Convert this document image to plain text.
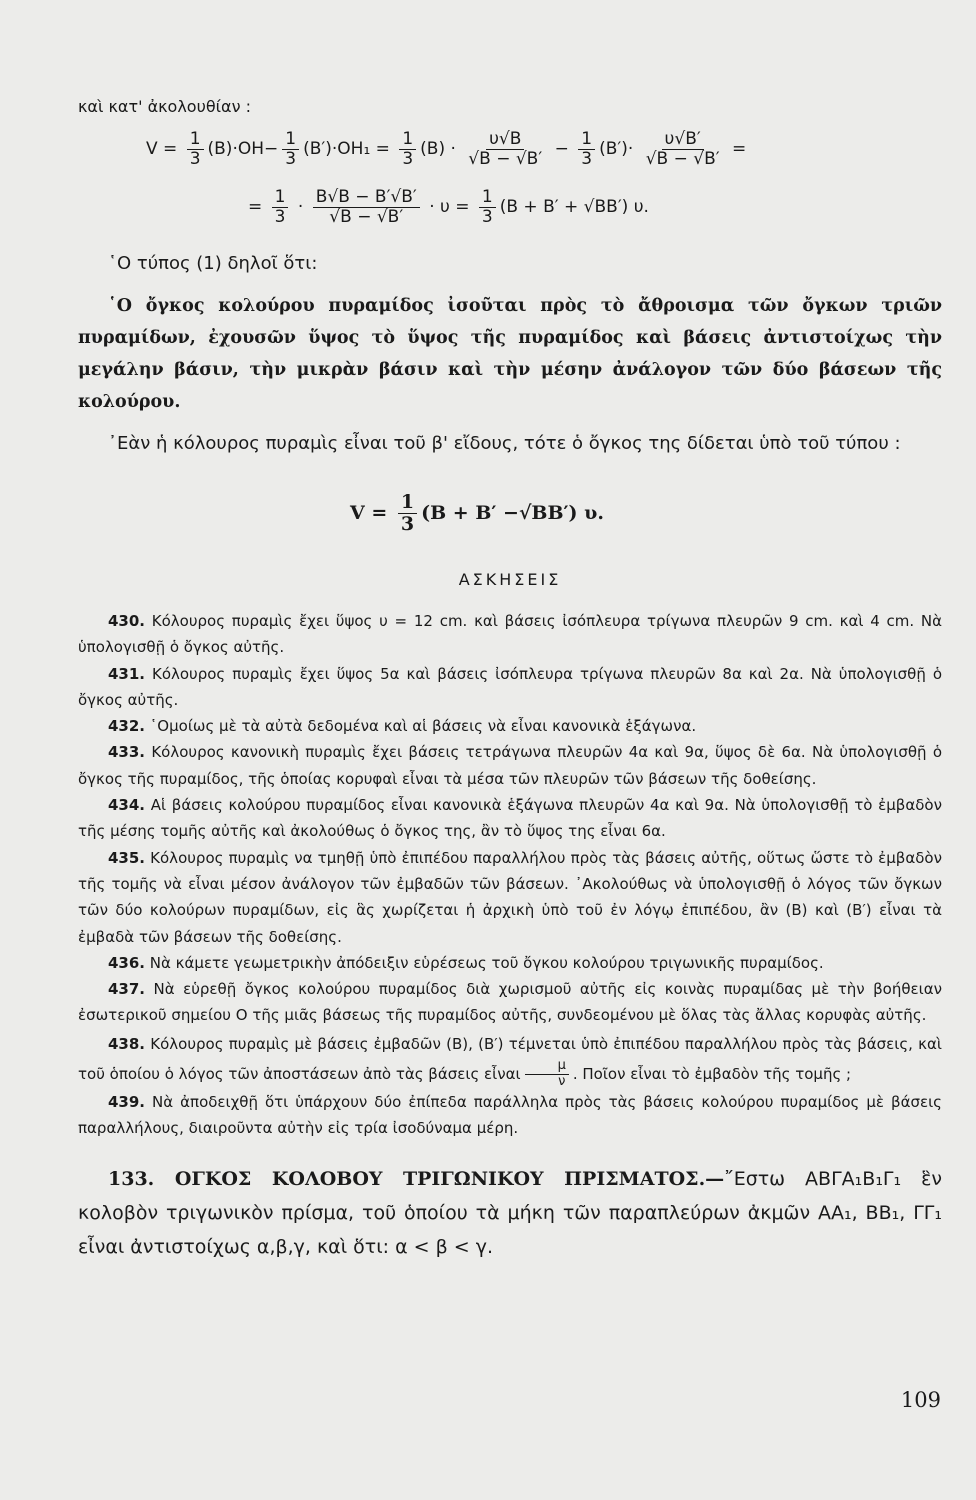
καὶ κατ' ἀκολουθίαν :
$V = \frac{1}{3} (B)\cdot OH- \frac{1}{3} (B')\cdot OH_1 = \frac{1}{3} (B) \cdot \frac{\upsilon√B}{√B - √B'} - \frac{1}{3} (B')\cdot \frac{\upsilon√B'}{√B - √B'}$ =
= $\frac{1}{3} \cdot \frac{B√B - B'√B'}{√B - √B'} \cdot \upsilon = \frac{1}{3} (B + B' + √BB')$ υ.
῾Ο τύπος (1) δηλοῖ ὅτι:
῾Ο ὄγκος κολούρου πυραμίδος ἰσοῦται πρὸς τὸ ἄθροισμα τῶν ὄγκων τριῶν πυραμίδων, ἐχουσῶν ὕψος τὸ ὕψος τῆς πυραμίδος καὶ βάσεις ἀντιστοίχως τὴν μεγάλην βάσιν, τὴν μικρὰν βάσιν καὶ τὴν μέσην ἀνάλογον τῶν δύο βάσεων τῆς κολούρου.
᾽Εὰν ἡ κόλουρος πυραμὶς εἶναι τοῦ β' εἴδους, τότε ὁ ὄγκος της δίδεται ὑπὸ τοῦ τύπου :
$V = \frac{1}{3} (B + B' -√BB')$ υ.
ΑΣΚΗΣΕΙΣ

430. Κόλουρος πυραμὶς ἔχει ὕψος υ = 12 cm. καὶ βάσεις ἰσόπλευρα τρίγωνα πλευρῶν 9 cm. καὶ 4 cm. Νὰ ὑπολογισθῇ ὁ ὄγκος αὐτῆς.

431. Κόλουρος πυραμὶς ἔχει ὕψος 5α καὶ βάσεις ἰσόπλευρα τρίγωνα πλευρῶν 8α καὶ 2α. Νὰ ὑπολογισθῇ ὁ ὄγκος αὐτῆς.

432. ῾Ομοίως μὲ τὰ αὐτὰ δεδομένα καὶ αἱ βάσεις νὰ εἶναι κανονικὰ ἑξάγωνα.

433. Κόλουρος κανονικὴ πυραμὶς ἔχει βάσεις τετράγωνα πλευρῶν 4α καὶ 9α, ὕψος δὲ 6α. Νὰ ὑπολογισθῇ ὁ ὄγκος τῆς πυραμίδος, τῆς ὁποίας κορυφαὶ εἶναι τὰ μέσα τῶν πλευρῶν τῶν βάσεων τῆς δοθείσης.

434. Αἱ βάσεις κολούρου πυραμίδος εἶναι κανονικὰ ἑξάγωνα πλευρῶν 4α καὶ 9α. Νὰ ὑπολογισθῇ τὸ ἐμβαδὸν τῆς μέσης τομῆς αὐτῆς καὶ ἀκολούθως ὁ ὄγκος της, ἂν τὸ ὕψος της εἶναι 6α.

435. Κόλουρος πυραμὶς να τμηθῇ ὑπὸ ἐπιπέδου παραλλήλου πρὸς τὰς βάσεις αὐτῆς, οὕτως ὥστε τὸ ἐμβαδὸν τῆς τομῆς νὰ εἶναι μέσον ἀνάλογον τῶν ἐμβαδῶν τῶν βάσεων. ᾽Ακολούθως νὰ ὑπολογισθῇ ὁ λόγος τῶν ὄγκων τῶν δύο κολούρων πυραμίδων, εἰς ἃς χωρίζεται ἡ ἀρχικὴ ὑπὸ τοῦ ἐν λόγῳ ἐπιπέδου, ἂν (B) καὶ (B′) εἶναι τὰ ἐμβαδὰ τῶν βάσεων τῆς δοθείσης.

436. Νὰ κάμετε γεωμετρικὴν ἀπόδειξιν εὑρέσεως τοῦ ὄγκου κολούρου τριγωνικῆς πυραμίδος.

437. Νὰ εὑρεθῇ ὄγκος κολούρου πυραμίδος διὰ χωρισμοῦ αὐτῆς εἰς κοινὰς πυραμίδας μὲ τὴν βοήθειαν ἐσωτερικοῦ σημείου Ο τῆς μιᾶς βάσεως τῆς πυραμίδος αὐτῆς, συνδεομένου μὲ ὅλας τὰς ἄλλας κορυφὰς αὐτῆς.

438. Κόλουρος πυραμὶς μὲ βάσεις ἐμβαδῶν (B), (B′) τέμνεται ὑπὸ ἐπιπέδου παραλλήλου πρὸς τὰς βάσεις, καὶ τοῦ ὁποίου ὁ λόγος τῶν ἀποστάσεων ἀπὸ τὰς βάσεις εἶναι $\frac{\mu}{\nu}$ . Ποῖον εἶναι τὸ ἐμβαδὸν τῆς τομῆς ;

439. Νὰ ἀποδειχθῇ ὅτι ὑπάρχουν δύο ἐπίπεδα παράλληλα πρὸς τὰς βάσεις κολούρου πυραμίδος μὲ βάσεις παραλλήλους, διαιροῦντα αὐτὴν εἰς τρία ἰσοδύναμα μέρη.

133. ΟΓΚΟΣ ΚΟΛΟΒΟΥ ΤΡΙΓΩΝΙΚΟΥ ΠΡΙΣΜΑΤΟΣ.—῎Εστω ΑΒΓΑ₁Β₁Γ₁ ἓν κολοβὸν τριγωνικὸν πρίσμα, τοῦ ὁποίου τὰ μήκη τῶν παραπλεύρων ἀκμῶν ΑΑ₁, ΒΒ₁, ΓΓ₁ εἶναι ἀντιστοίχως α,β,γ, καὶ ὅτι: α < β < γ.
109
